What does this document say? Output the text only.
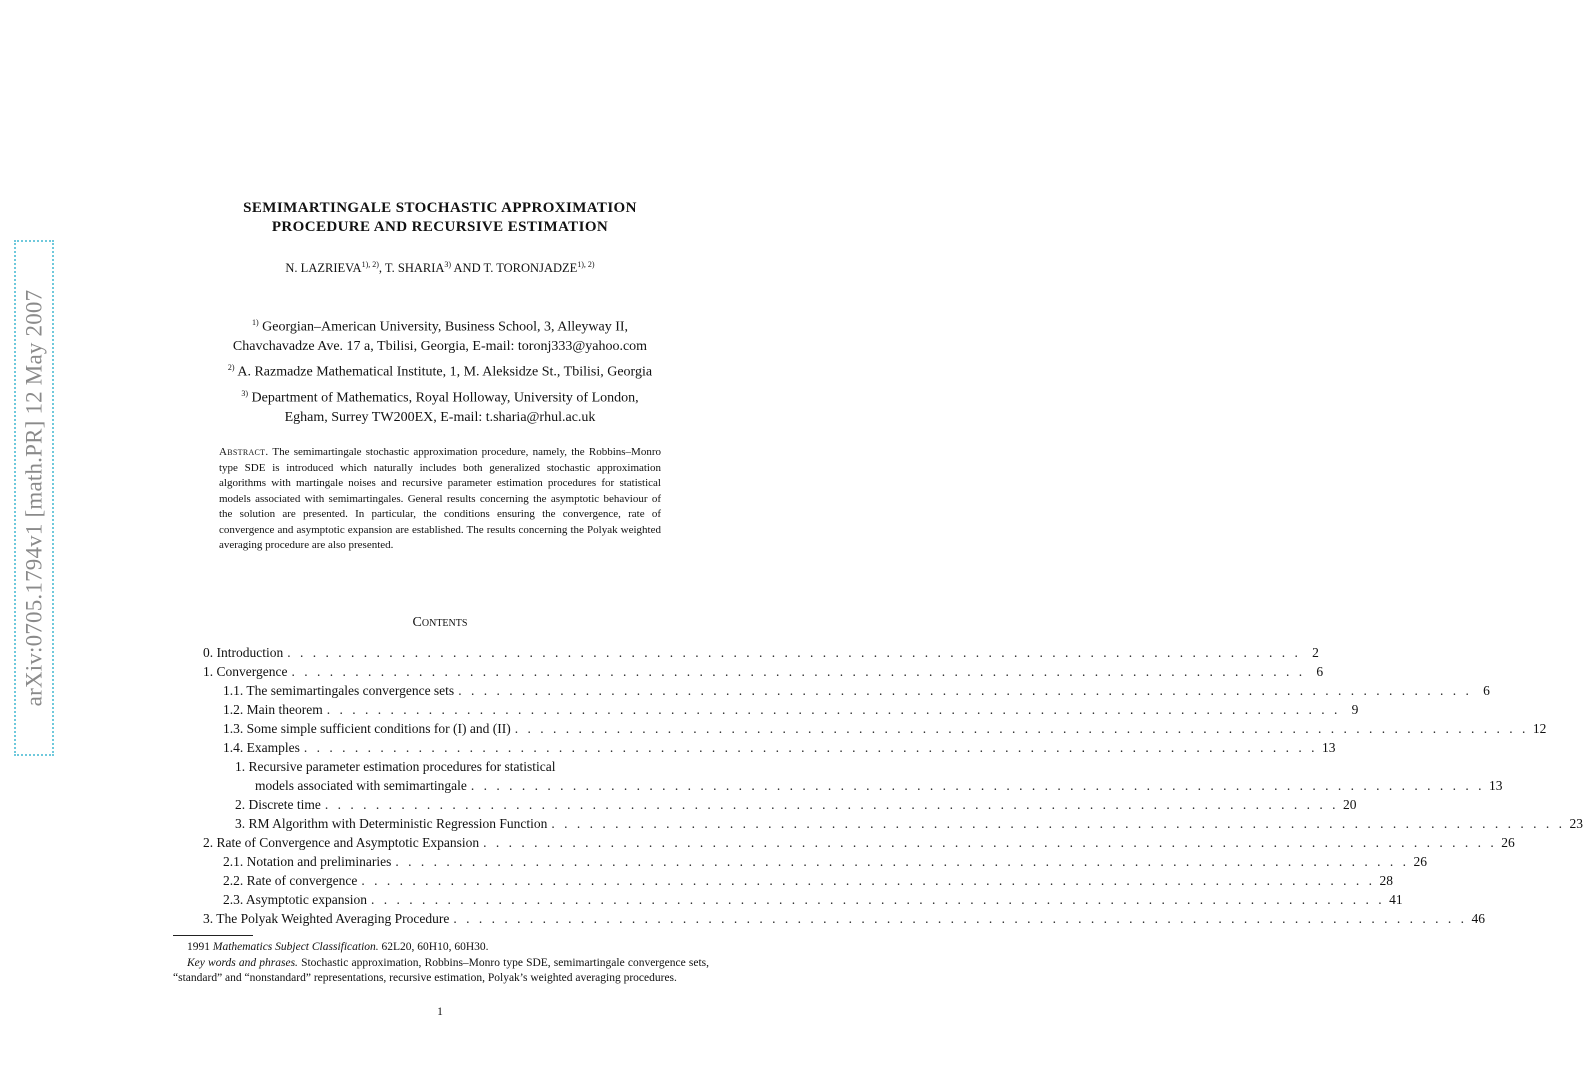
arXiv:0705.1794v1 [math.PR] 12 May 2007
SEMIMARTINGALE STOCHASTIC APPROXIMATION
PROCEDURE AND RECURSIVE ESTIMATION
N. $LAZRIEVA^{1), 2)}$, T. SHARIA$^{3)}$ AND T. $TORONJADZE^{1), 2)}$
$^{1)}$ Georgian–American University, Business School, 3, Alleyway II,
Chavchavadze Ave. 17 a, Tbilisi, Georgia, E-mail: toronj333@yahoo.com
$^{2)}$ A. Razmadze Mathematical Institute, 1, M. Aleksidze St., Tbilisi, Georgia
$^{3)}$ Department of Mathematics, Royal Holloway, University of London,
Egham, Surrey TW200EX, E-mail: t.sharia@rhul.ac.uk
Abstract. The semimartingale stochastic approximation procedure, namely, the Robbins–Monro type SDE is introduced which naturally includes both generalized stochastic approximation algorithms with martingale noises and recursive parameter estimation procedures for statistical models associated with semimartingales. General results concerning the asymptotic behaviour of the solution are presented. In particular, the conditions ensuring the convergence, rate of convergence and asymptotic expansion are established. The results concerning the Polyak weighted averaging procedure are also presented.
Contents
0. Introduction . . . . . . . . . . . . . . . . . . . . . . . . . . . . . . . . . . . . . . . . . . . . . . . . . . . . . . . . . . . . . . . . . . . . . . . . . . . . . . . . 2
1. Convergence . . . . . . . . . . . . . . . . . . . . . . . . . . . . . . . . . . . . . . . . . . . . . . . . . . . . . . . . . . . . . . . . . . . . . . . . . . . . . . . . 6
1.1. The semimartingales convergence sets . . . . . . . . . . . . . . . . . . . . . . . . . . . . . . . . . . . . . . . . . . . . . . . . . . . . . . . . . . . . . . . . . . . . . . . . . . . . . . . . 6
1.2. Main theorem . . . . . . . . . . . . . . . . . . . . . . . . . . . . . . . . . . . . . . . . . . . . . . . . . . . . . . . . . . . . . . . . . . . . . . . . . . . . . . . . 9
1.3. Some simple sufficient conditions for (I) and (II) . . . . . . . . . . . . . . . . . . . . . . . . . . . . . . . . . . . . . . . . . . . . . . . . . . . . . . . . . . . . . . . . . . . . . . . . . . . . . . . . 12
1.4. Examples . . . . . . . . . . . . . . . . . . . . . . . . . . . . . . . . . . . . . . . . . . . . . . . . . . . . . . . . . . . . . . . . . . . . . . . . . . . . . . . . 13
1. Recursive parameter estimation procedures for statistical
models associated with semimartingale . . . . . . . . . . . . . . . . . . . . . . . . . . . . . . . . . . . . . . . . . . . . . . . . . . . . . . . . . . . . . . . . . . . . . . . . . . . . . . . . 13
2. Discrete time . . . . . . . . . . . . . . . . . . . . . . . . . . . . . . . . . . . . . . . . . . . . . . . . . . . . . . . . . . . . . . . . . . . . . . . . . . . . . . . . 20
3. RM Algorithm with Deterministic Regression Function . . . . . . . . . . . . . . . . . . . . . . . . . . . . . . . . . . . . . . . . . . . . . . . . . . . . . . . . . . . . . . . . . . . . . . . . . . . . . . . . 23
2. Rate of Convergence and Asymptotic Expansion . . . . . . . . . . . . . . . . . . . . . . . . . . . . . . . . . . . . . . . . . . . . . . . . . . . . . . . . . . . . . . . . . . . . . . . . . . . . . . . . 26
2.1. Notation and preliminaries . . . . . . . . . . . . . . . . . . . . . . . . . . . . . . . . . . . . . . . . . . . . . . . . . . . . . . . . . . . . . . . . . . . . . . . . . . . . . . . . 26
2.2. Rate of convergence . . . . . . . . . . . . . . . . . . . . . . . . . . . . . . . . . . . . . . . . . . . . . . . . . . . . . . . . . . . . . . . . . . . . . . . . . . . . . . . . 28
2.3. Asymptotic expansion . . . . . . . . . . . . . . . . . . . . . . . . . . . . . . . . . . . . . . . . . . . . . . . . . . . . . . . . . . . . . . . . . . . . . . . . . . . . . . . . 41
3. The Polyak Weighted Averaging Procedure . . . . . . . . . . . . . . . . . . . . . . . . . . . . . . . . . . . . . . . . . . . . . . . . . . . . . . . . . . . . . . . . . . . . . . . . . . . . . . . . 46

1991 Mathematics Subject Classification. 62L20, 60H10, 60H30.

Key words and phrases. Stochastic approximation, Robbins–Monro type SDE, semimartingale convergence sets, “standard” and “nonstandard” representations, recursive estimation, Polyak’s weighted averaging procedures.

1
